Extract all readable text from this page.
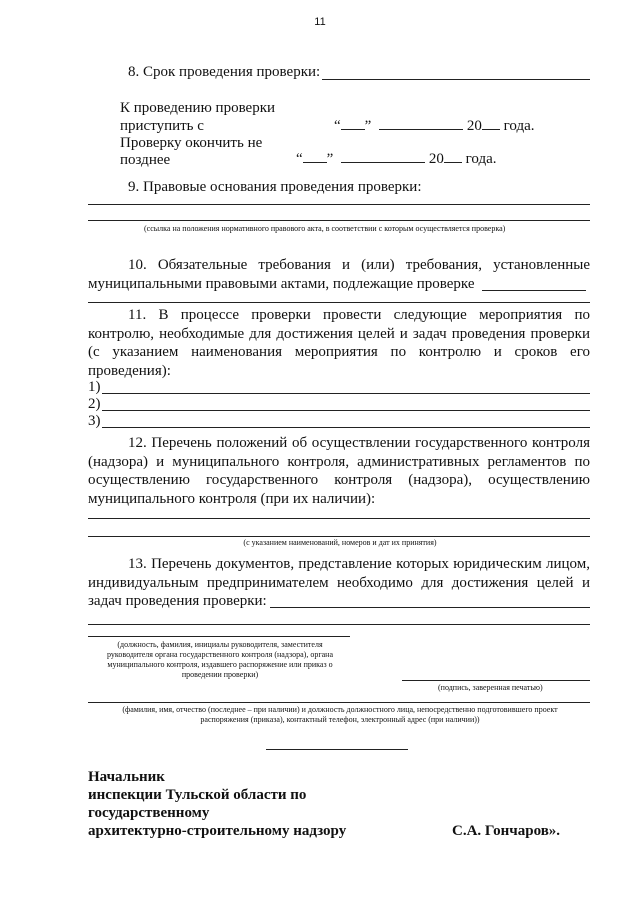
11
8. Срок проведения проверки:
К проведению проверки
приступить с	“ ”	20 года.
Проверку окончить не
позднее	“ ”	20 года.
9. Правовые основания проведения проверки:
(ссылка на положения нормативного правового акта, в соответствии с которым осуществляется проверка)

10. Обязательные требования и (или) требования, установленные муниципальными правовыми актами, подлежащие проверке

11. В процессе проверки провести следующие мероприятия по контролю, необходимые для достижения целей и задач проведения проверки (с указанием наименования мероприятия по контролю и сроков его проведения):

1)
2)
3)

12. Перечень положений об осуществлении государственного контроля (надзора) и муниципального контроля, административных регламентов по осуществлению государственного контроля (надзора), осуществлению муниципального контроля (при их наличии):

(с указанием наименований, номеров и дат их принятия)

13. Перечень документов, представление которых юридическим лицом, индивидуальным предпринимателем необходимо для достижения целей и задач проведения проверки:

(должность, фамилия, инициалы руководителя, заместителя
руководителя органа государственного контроля (надзора), органа
муниципального контроля, издавшего распоряжение или приказ о
проведении проверки)
(подпись, заверенная печатью)
(фамилия, имя, отчество (последнее – при наличии) и должность должностного лица, непосредственно подготовившего проект
распоряжения (приказа), контактный телефон, электронный адрес (при наличии))
Начальник
инспекции Тульской области по
государственному
архитектурно-строительному надзору	С.А. Гончаров».
